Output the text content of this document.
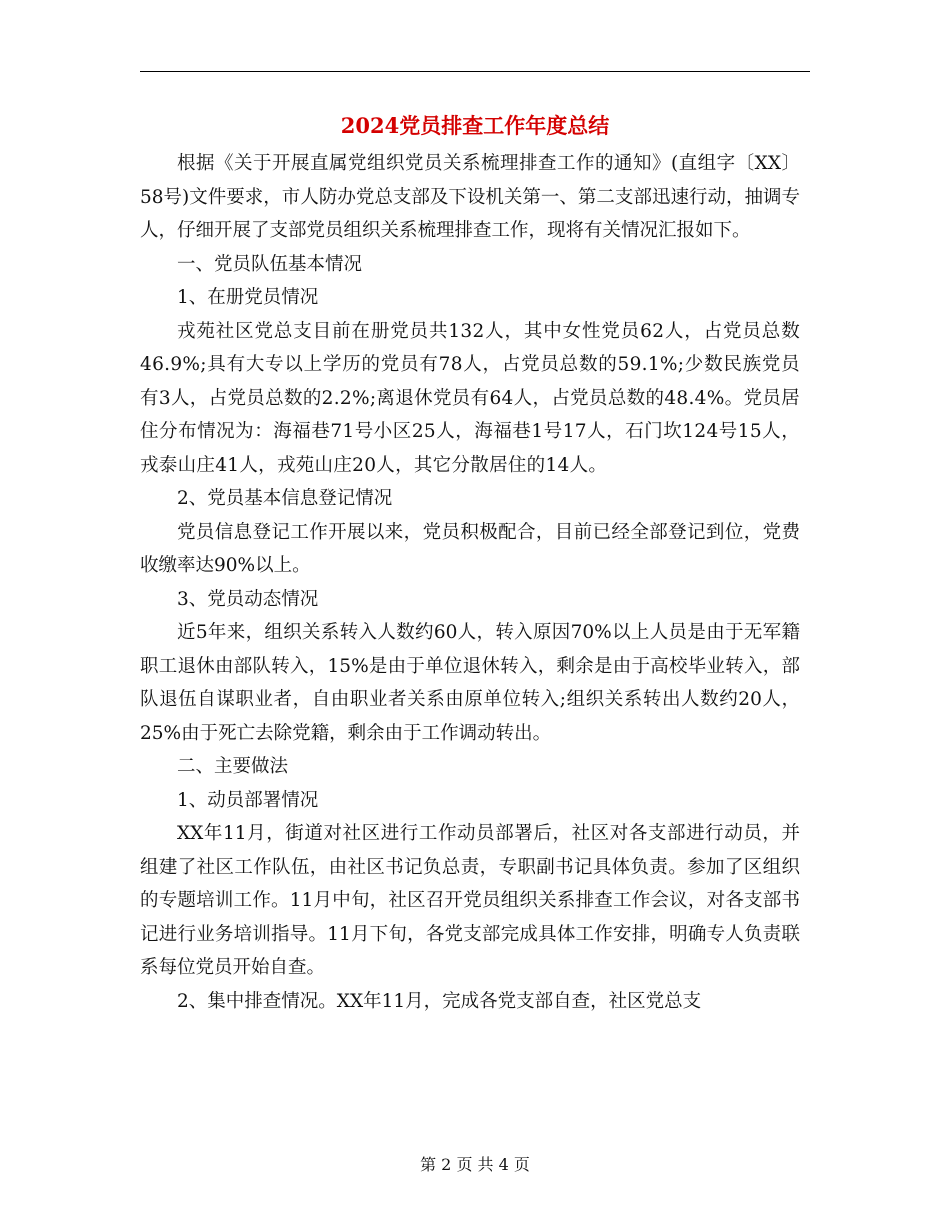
2024党员排查工作年度总结

根据《关于开展直属党组织党员关系梳理排查工作的通知》(直组字〔XX〕58号)文件要求，市人防办党总支部及下设机关第一、第二支部迅速行动，抽调专人，仔细开展了支部党员组织关系梳理排查工作，现将有关情况汇报如下。

一、党员队伍基本情况

1、在册党员情况

戎苑社区党总支目前在册党员共132人，其中女性党员62人，占党员总数46.9%;具有大专以上学历的党员有78人，占党员总数的59.1%;少数民族党员有3人，占党员总数的2.2%;离退休党员有64人，占党员总数的48.4%。党员居住分布情况为：海福巷71号小区25人，海福巷1号17人，石门坎124号15人，戎泰山庄41人，戎苑山庄20人，其它分散居住的14人。

2、党员基本信息登记情况

党员信息登记工作开展以来，党员积极配合，目前已经全部登记到位，党费收缴率达90%以上。

3、党员动态情况

近5年来，组织关系转入人数约60人，转入原因70%以上人员是由于无军籍职工退休由部队转入，15%是由于单位退休转入，剩余是由于高校毕业转入，部队退伍自谋职业者，自由职业者关系由原单位转入;组织关系转出人数约20人，25%由于死亡去除党籍，剩余由于工作调动转出。

二、主要做法

1、动员部署情况

XX年11月，街道对社区进行工作动员部署后，社区对各支部进行动员，并组建了社区工作队伍，由社区书记负总责，专职副书记具体负责。参加了区组织的专题培训工作。11月中旬，社区召开党员组织关系排查工作会议，对各支部书记进行业务培训指导。11月下旬，各党支部完成具体工作安排，明确专人负责联系每位党员开始自查。

2、集中排查情况。XX年11月，完成各党支部自查，社区党总支

第 2 页 共 4 页
